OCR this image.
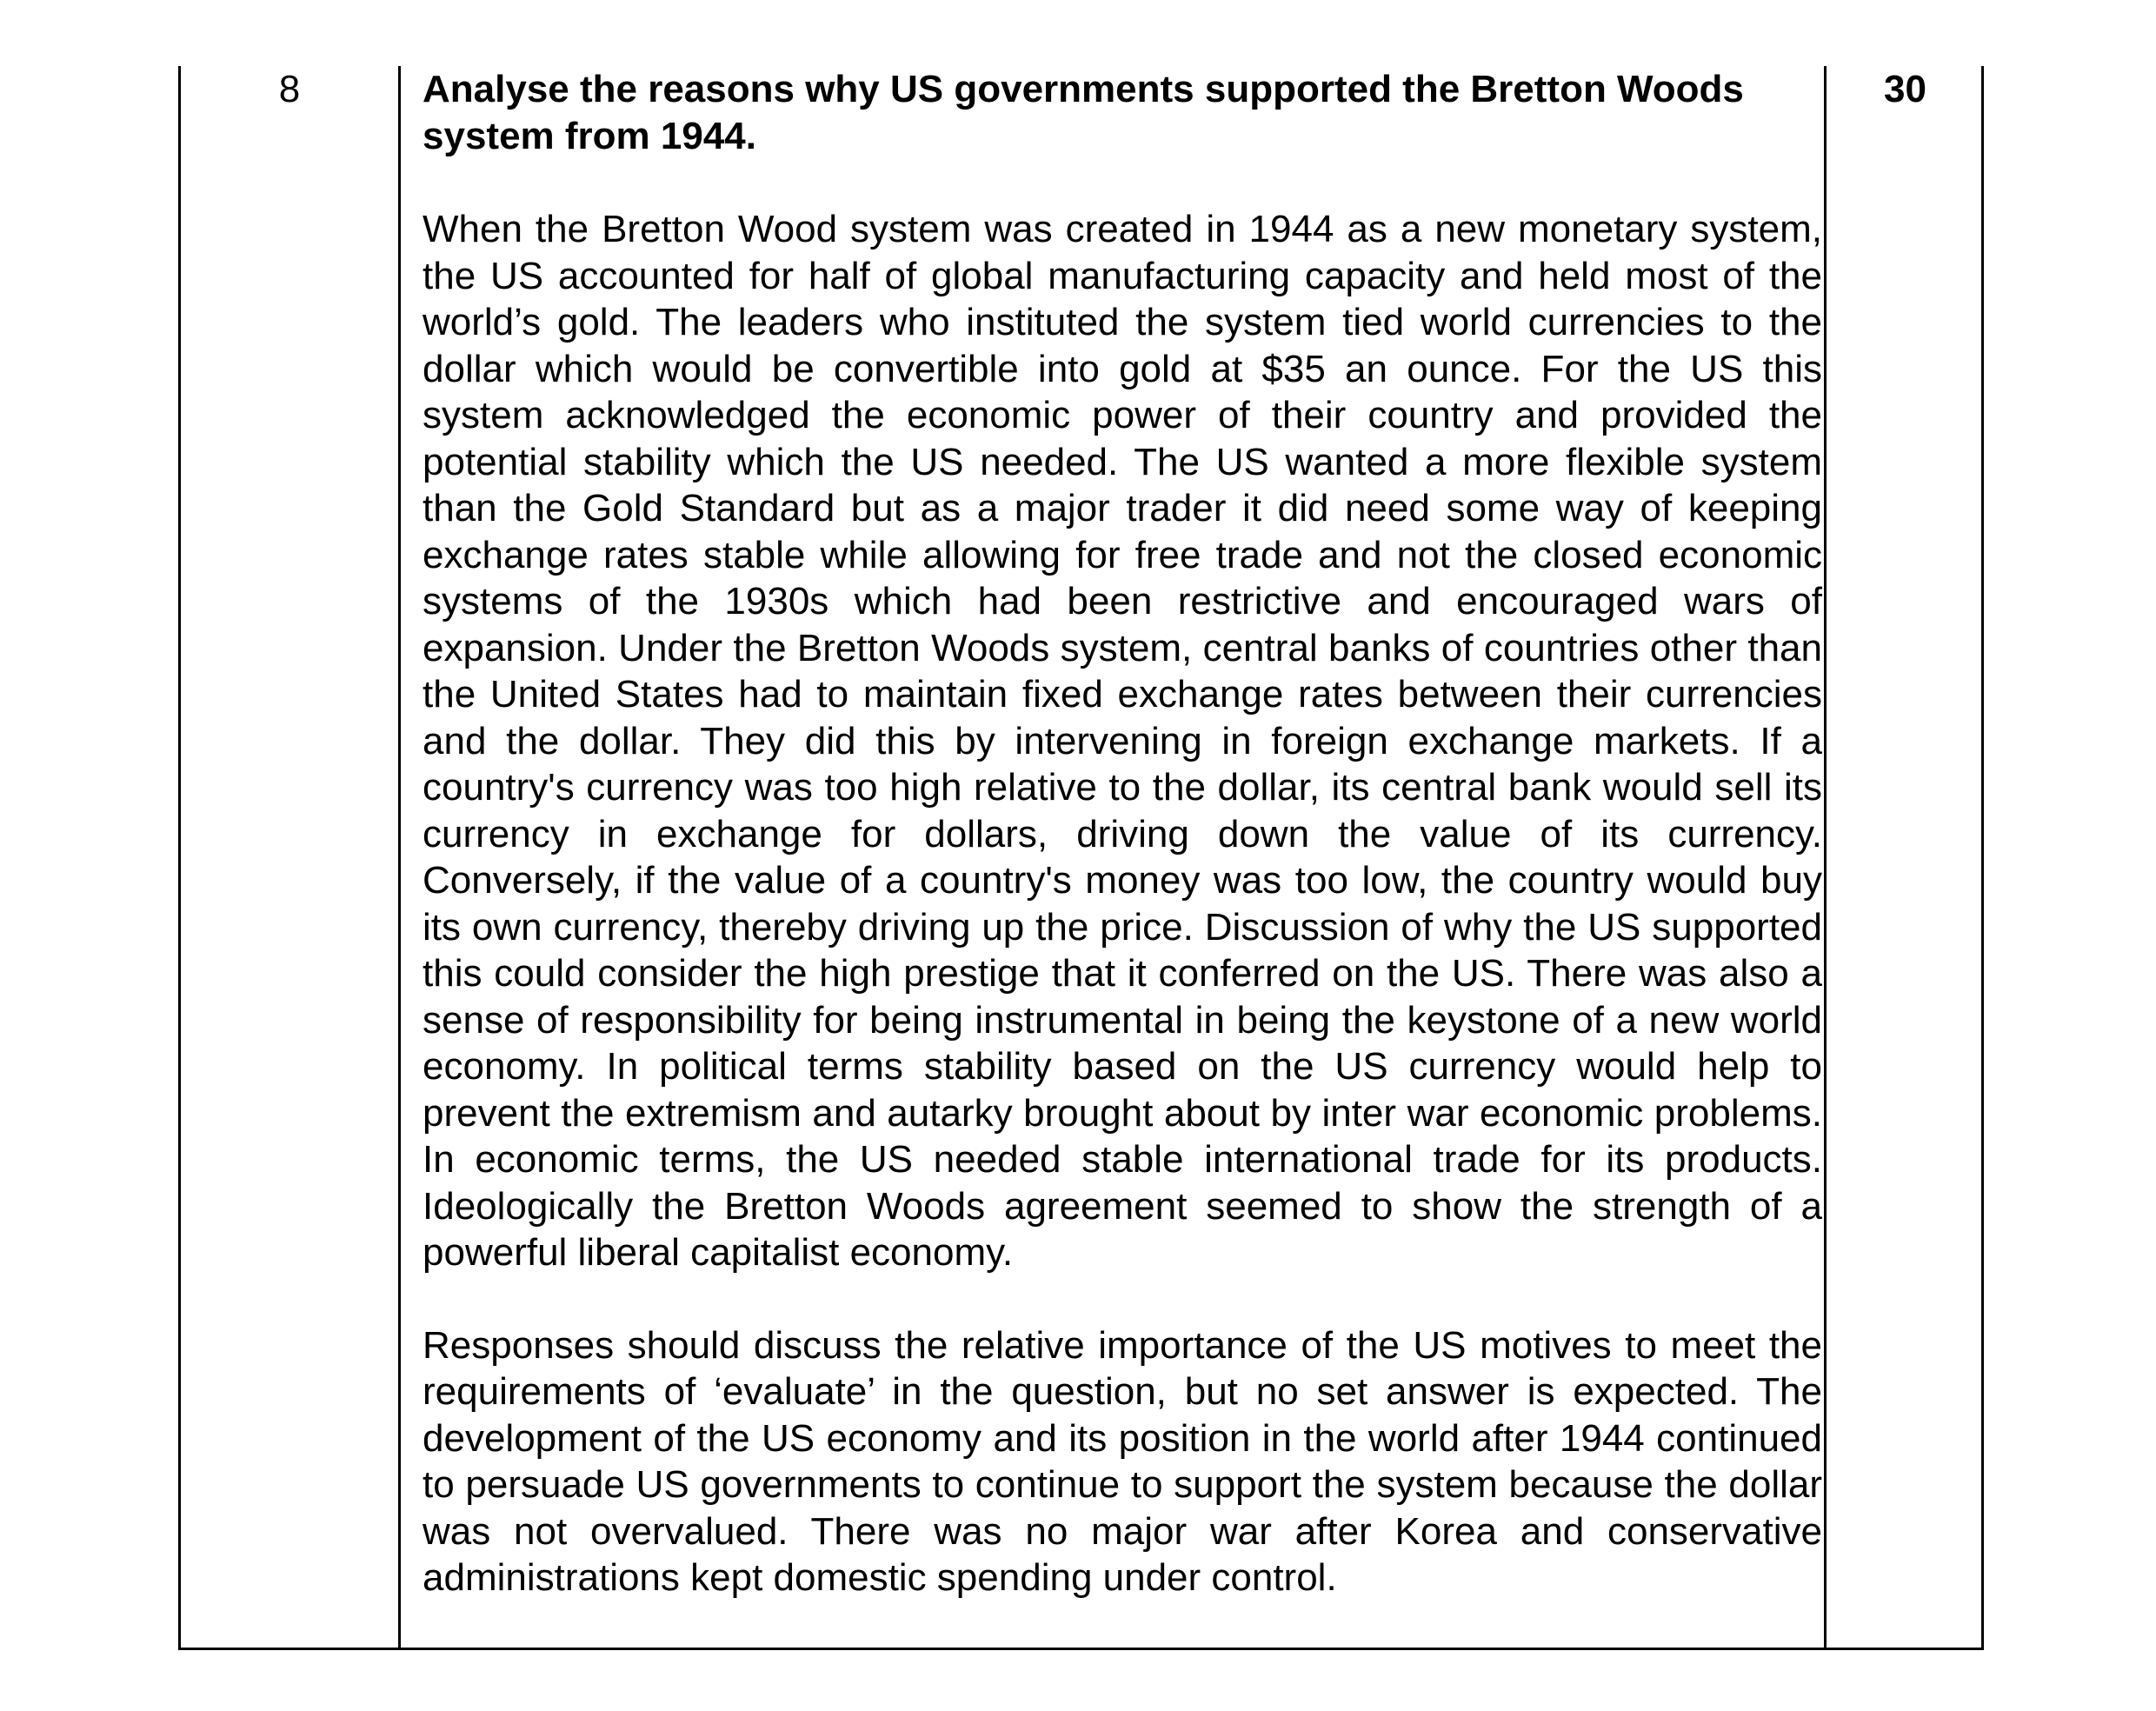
8	Analyse the reasons why US governments supported the Bretton Woods system from 1944.

When the Bretton Wood system was created in 1944 as a new monetary system, the US accounted for half of global manufacturing capacity and held most of the world’s gold. The leaders who instituted the system tied world currencies to the dollar which would be convertible into gold at $35 an ounce. For the US this system acknowledged the economic power of their country and provided the potential stability which the US needed. The US wanted a more flexible system than the Gold Standard but as a major trader it did need some way of keeping exchange rates stable while allowing for free trade and not the closed economic systems of the 1930s which had been restrictive and encouraged wars of expansion. Under the Bretton Woods system, central banks of countries other than the United States had to maintain fixed exchange rates between their currencies and the dollar. They did this by intervening in foreign exchange markets. If a country's currency was too high relative to the dollar, its central bank would sell its currency in exchange for dollars, driving down the value of its currency. Conversely, if the value of a country's money was too low, the country would buy its own currency, thereby driving up the price. Discussion of why the US supported this could consider the high prestige that it conferred on the US. There was also a sense of responsibility for being instrumental in being the keystone of a new world economy. In political terms stability based on the US currency would help to prevent the extremism and autarky brought about by inter war economic problems. In economic terms, the US needed stable international trade for its products. Ideologically the Bretton Woods agreement seemed to show the strength of a powerful liberal capitalist economy.

Responses should discuss the relative importance of the US motives to meet the requirements of ‘evaluate’ in the question, but no set answer is expected. The development of the US economy and its position in the world after 1944 continued to persuade US governments to continue to support the system because the dollar was not overvalued. There was no major war after Korea and conservative administrations kept domestic spending under control.

30
